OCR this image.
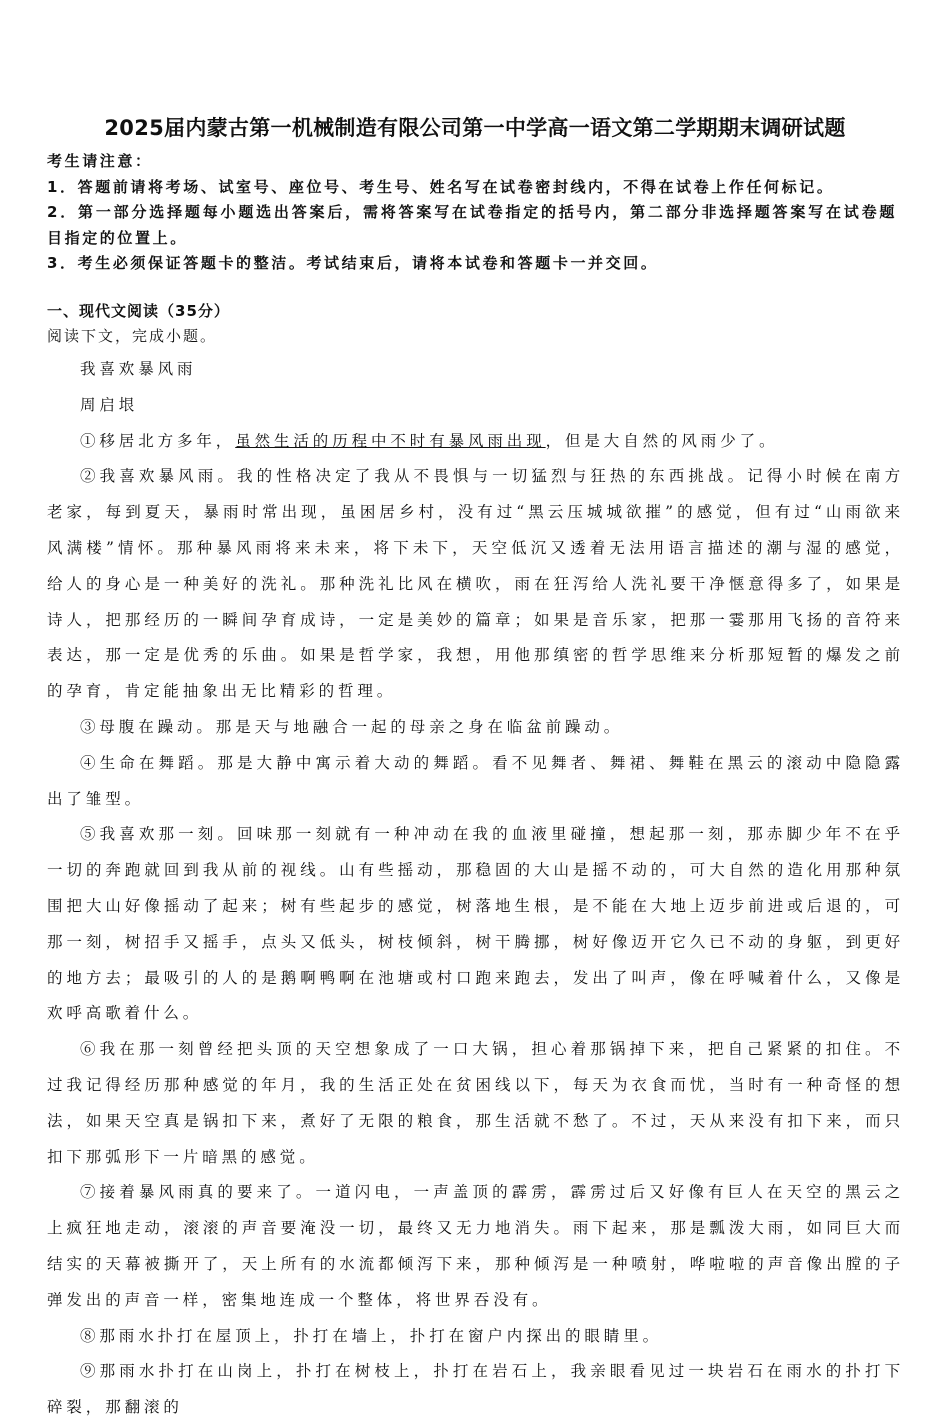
2025届内蒙古第一机械制造有限公司第一中学高一语文第二学期期末调研试题
考生请注意：
1．答题前请将考场、试室号、座位号、考生号、姓名写在试卷密封线内，不得在试卷上作任何标记。
2．第一部分选择题每小题选出答案后，需将答案写在试卷指定的括号内，第二部分非选择题答案写在试卷题目指定的位置上。
3．考生必须保证答题卡的整洁。考试结束后，请将本试卷和答题卡一并交回。
一、现代文阅读（35分）
阅读下文，完成小题。

我喜欢暴风雨

周启垠

①移居北方多年，虽然生活的历程中不时有暴风雨出现，但是大自然的风雨少了。

②我喜欢暴风雨。我的性格决定了我从不畏惧与一切猛烈与狂热的东西挑战。记得小时候在南方老家，每到夏天，暴雨时常出现，虽困居乡村，没有过“黑云压城城欲摧”的感觉，但有过“山雨欲来风满楼”情怀。那种暴风雨将来未来，将下未下，天空低沉又透着无法用语言描述的潮与湿的感觉，给人的身心是一种美好的洗礼。那种洗礼比风在横吹，雨在狂泻给人洗礼要干净惬意得多了，如果是诗人，把那经历的一瞬间孕育成诗，一定是美妙的篇章；如果是音乐家，把那一霎那用飞扬的音符来表达，那一定是优秀的乐曲。如果是哲学家，我想，用他那缜密的哲学思维来分析那短暂的爆发之前的孕育，肯定能抽象出无比精彩的哲理。

③母腹在躁动。那是天与地融合一起的母亲之身在临盆前躁动。

④生命在舞蹈。那是大静中寓示着大动的舞蹈。看不见舞者、舞裙、舞鞋在黑云的滚动中隐隐露出了雏型。

⑤我喜欢那一刻。回味那一刻就有一种冲动在我的血液里碰撞，想起那一刻，那赤脚少年不在乎一切的奔跑就回到我从前的视线。山有些摇动，那稳固的大山是摇不动的，可大自然的造化用那种氛围把大山好像摇动了起来；树有些起步的感觉，树落地生根，是不能在大地上迈步前进或后退的，可那一刻，树招手又摇手，点头又低头，树枝倾斜，树干腾挪，树好像迈开它久已不动的身躯，到更好的地方去；最吸引的人的是鹅啊鸭啊在池塘或村口跑来跑去，发出了叫声，像在呼喊着什么，又像是欢呼高歌着什么。

⑥我在那一刻曾经把头顶的天空想象成了一口大锅，担心着那锅掉下来，把自己紧紧的扣住。不过我记得经历那种感觉的年月，我的生活正处在贫困线以下，每天为衣食而忧，当时有一种奇怪的想法，如果天空真是锅扣下来，煮好了无限的粮食，那生活就不愁了。不过，天从来没有扣下来，而只扣下那弧形下一片暗黑的感觉。

⑦接着暴风雨真的要来了。一道闪电，一声盖顶的霹雳，霹雳过后又好像有巨人在天空的黑云之上疯狂地走动，滚滚的声音要淹没一切，最终又无力地消失。雨下起来，那是瓢泼大雨，如同巨大而结实的天幕被撕开了，天上所有的水流都倾泻下来，那种倾泻是一种喷射，哗啦啦的声音像出膛的子弹发出的声音一样，密集地连成一个整体，将世界吞没有。

⑧那雨水扑打在屋顶上，扑打在墙上，扑打在窗户内探出的眼睛里。

⑨那雨水扑打在山岗上，扑打在树枝上，扑打在岩石上，我亲眼看见过一块岩石在雨水的扑打下碎裂，那翻滚的
